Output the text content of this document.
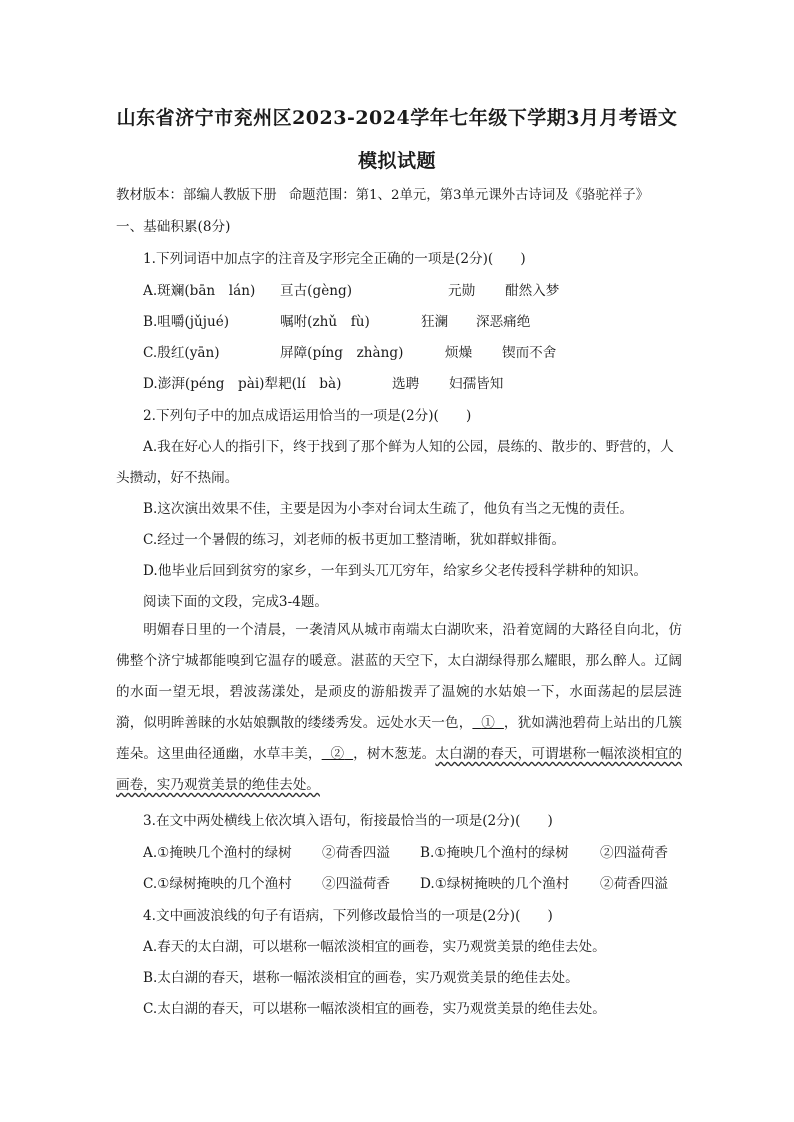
山东省济宁市兖州区2023-2024学年七年级下学期3月月考语文
模拟试题
教材版本：部编人教版下册 命题范围：第1、2单元，第3单元课外古诗词及《骆驼祥子》
一、基础积累(8分)
1.下列词语中加点字的注音及字形完全正确的一项是(2分)(　　)
A.斑斓(bān　lán) 亘古(gèng)	元勋 酣然入梦
B.咀嚼(jǔjué)	嘱咐(zhǔ　fù)	狂澜 深恶痛绝
C.殷红(yān)	屏障(píng　zhàng)	烦燥 锲而不舍
D.澎湃(péng　pài)犁耙(lí　bà)	选聘 妇孺皆知
2.下列句子中的加点成语运用恰当的一项是(2分)(　　)
A.我在好心人的指引下，终于找到了那个鲜为人知的公园，晨练的、散步的、野营的，人
头攒动，好不热闹。
B.这次演出效果不佳，主要是因为小李对台词太生疏了，他负有当之无愧的责任。
C.经过一个暑假的练习，刘老师的板书更加工整清晰，犹如群蚁排衙。
D.他毕业后回到贫穷的家乡，一年到头兀兀穷年，给家乡父老传授科学耕种的知识。
阅读下面的文段，完成3-4题。
明媚春日里的一个清晨，一袭清风从城市南端太白湖吹来，沿着宽阔的大路径自向北，仿佛整个济宁城都能嗅到它温存的暖意。湛蓝的天空下，太白湖绿得那么耀眼，那么醉人。辽阔的水面一望无垠，碧波荡漾处，是顽皮的游船拨弄了温婉的水姑娘一下，水面荡起的层层涟漪，似明眸善睐的水姑娘飘散的缕缕秀发。远处水天一色， ① ，犹如满池碧荷上站出的几簇莲朵。这里曲径通幽，水草丰美， ② ，树木葱茏。太白湖的春天，可谓堪称一幅浓淡相宜的画卷，实乃观赏美景的绝佳去处。
3.在文中两处横线上依次填入语句，衔接最恰当的一项是(2分)(　　)
A.①掩映几个渔村的绿树 ②荷香四溢 B.①掩映几个渔村的绿树 ②四溢荷香
C.①绿树掩映的几个渔村 ②四溢荷香 D.①绿树掩映的几个渔村 ②荷香四溢
4.文中画波浪线的句子有语病，下列修改最恰当的一项是(2分)(　　)
A.春天的太白湖，可以堪称一幅浓淡相宜的画卷，实乃观赏美景的绝佳去处。
B.太白湖的春天，堪称一幅浓淡相宜的画卷，实乃观赏美景的绝佳去处。
C.太白湖的春天，可以堪称一幅浓淡相宜的画卷，实乃观赏美景的绝佳去处。
